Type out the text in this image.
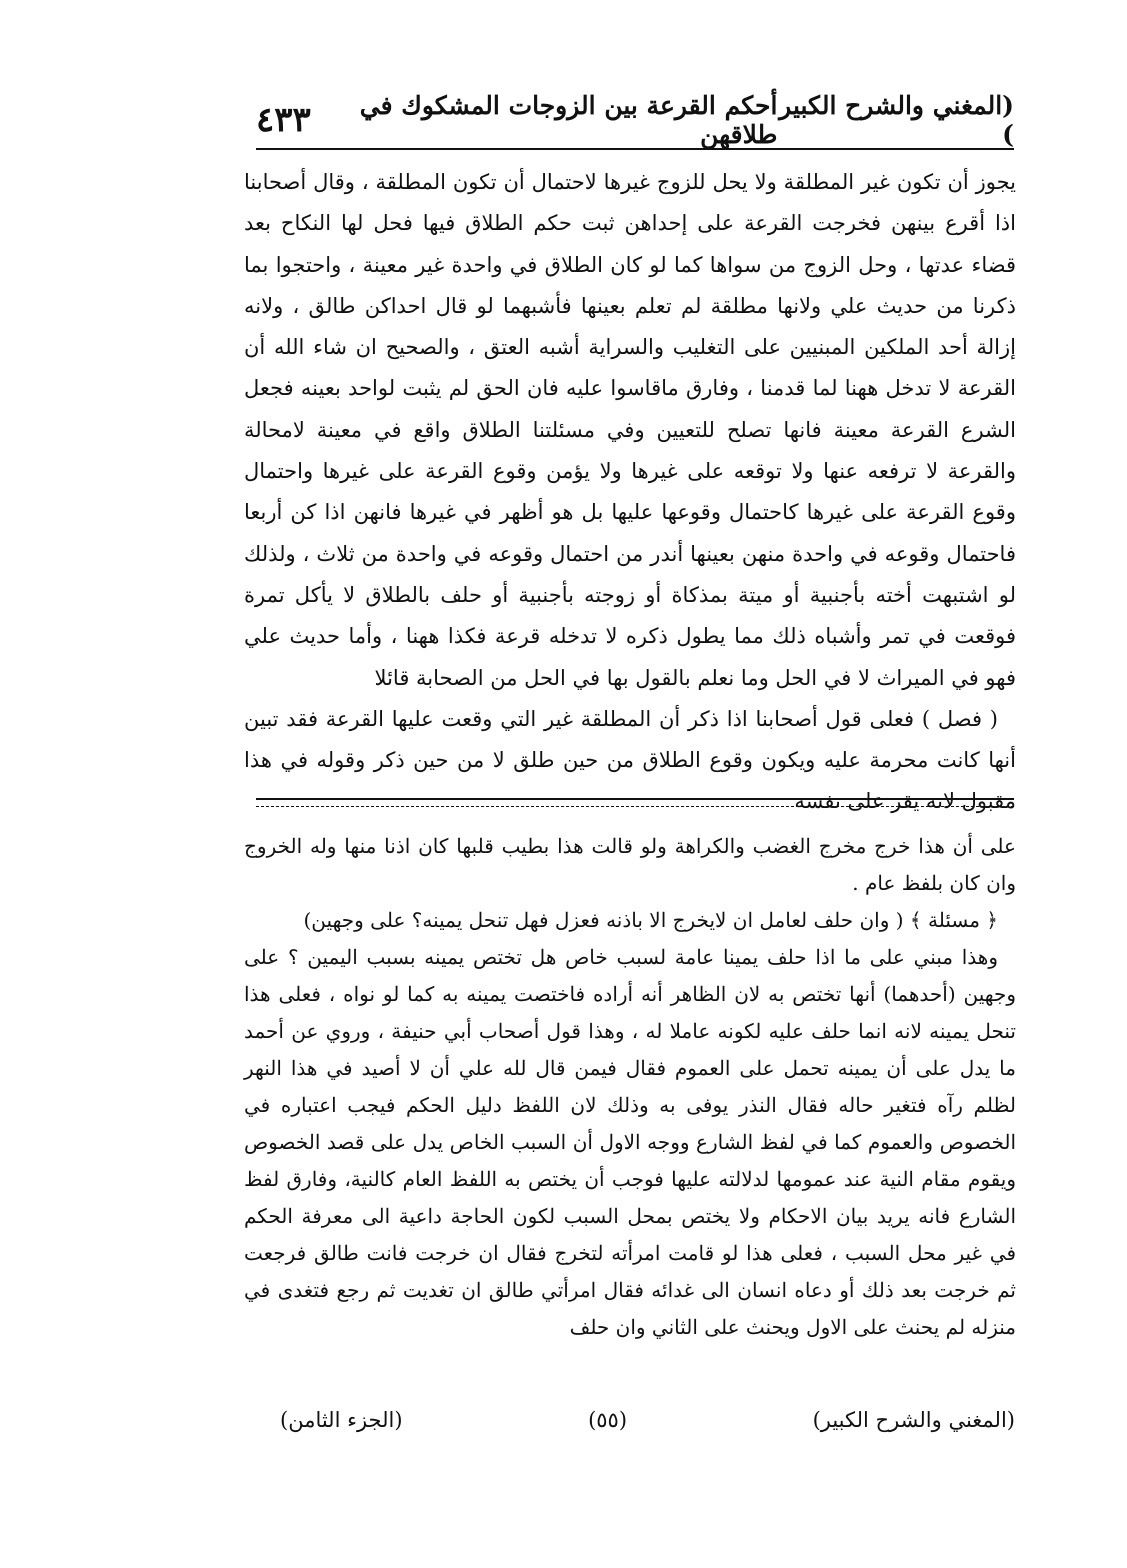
(المغني والشرح الكبير )
أحكم القرعة بين الزوجات المشكوك في طلاقهن
٤٣٣

يجوز أن تكون غير المطلقة ولا يحل للزوج غيرها لاحتمال أن تكون المطلقة ، وقال أصحابنا اذا أقرع بينهن فخرجت القرعة على إحداهن ثبت حكم الطلاق فيها فحل لها النكاح بعد قضاء عدتها ، وحل الزوج من سواها كما لو كان الطلاق في واحدة غير معينة ، واحتجوا بما ذكرنا من حديث علي ولانها مطلقة لم تعلم بعينها فأشبهما لو قال احداكن طالق ، ولانه إزالة أحد الملكين المبنيين على التغليب والسراية أشبه العتق ، والصحيح ان شاء الله أن القرعة لا تدخل ههنا لما قدمنا ، وفارق ماقاسوا عليه فان الحق لم يثبت لواحد بعينه فجعل الشرع القرعة معينة فانها تصلح للتعيين وفي مسئلتنا الطلاق واقع في معينة لامحالة والقرعة لا ترفعه عنها ولا توقعه على غيرها ولا يؤمن وقوع القرعة على غيرها واحتمال وقوع القرعة على غيرها كاحتمال وقوعها عليها بل هو أظهر في غيرها فانهن اذا كن أربعا فاحتمال وقوعه في واحدة منهن بعينها أندر من احتمال وقوعه في واحدة من ثلاث ، ولذلك لو اشتبهت أخته بأجنبية أو ميتة بمذكاة أو زوجته بأجنبية أو حلف بالطلاق لا يأكل تمرة فوقعت في تمر وأشباه ذلك مما يطول ذكره لا تدخله قرعة فكذا ههنا ، وأما حديث علي فهو في الميراث لا في الحل وما نعلم بالقول بها في الحل من الصحابة قائلا

( فصل ) فعلى قول أصحابنا اذا ذكر أن المطلقة غير التي وقعت عليها القرعة فقد تبين أنها كانت محرمة عليه ويكون وقوع الطلاق من حين طلق لا من حين ذكر وقوله في هذا مقبول لانه يقر على نفسه

على أن هذا خرج مخرج الغضب والكراهة ولو قالت هذا بطيب قلبها كان اذنا منها وله الخروج وان كان بلفظ عام .

﴿ مسئلة ﴾ ( وان حلف لعامل ان لايخرج الا باذنه فعزل فهل تنحل يمينه؟ على وجهين)

وهذا مبني على ما اذا حلف يمينا عامة لسبب خاص هل تختص يمينه بسبب اليمين ؟ على وجهين (أحدهما) أنها تختص به لان الظاهر أنه أراده فاختصت يمينه به كما لو نواه ، فعلى هذا تنحل يمينه لانه انما حلف عليه لكونه عاملا له ، وهذا قول أصحاب أبي حنيفة ، وروي عن أحمد ما يدل على أن يمينه تحمل على العموم فقال فيمن قال لله علي أن لا أصيد في هذا النهر لظلم رآه فتغير حاله فقال النذر يوفى به وذلك لان اللفظ دليل الحكم فيجب اعتباره في الخصوص والعموم كما في لفظ الشارع ووجه الاول أن السبب الخاص يدل على قصد الخصوص ويقوم مقام النية عند عمومها لدلالته عليها فوجب أن يختص به اللفظ العام كالنية، وفارق لفظ الشارع فانه يريد بيان الاحكام ولا يختص بمحل السبب لكون الحاجة داعية الى معرفة الحكم في غير محل السبب ، فعلى هذا لو قامت امرأته لتخرج فقال ان خرجت فانت طالق فرجعت ثم خرجت بعد ذلك أو دعاه انسان الى غدائه فقال امرأتي طالق ان تغديت ثم رجع فتغدى في منزله لم يحنث على الاول ويحنث على الثاني وان حلف

(المغني والشرح الكبير)
(٥٥)
(الجزء الثامن)
